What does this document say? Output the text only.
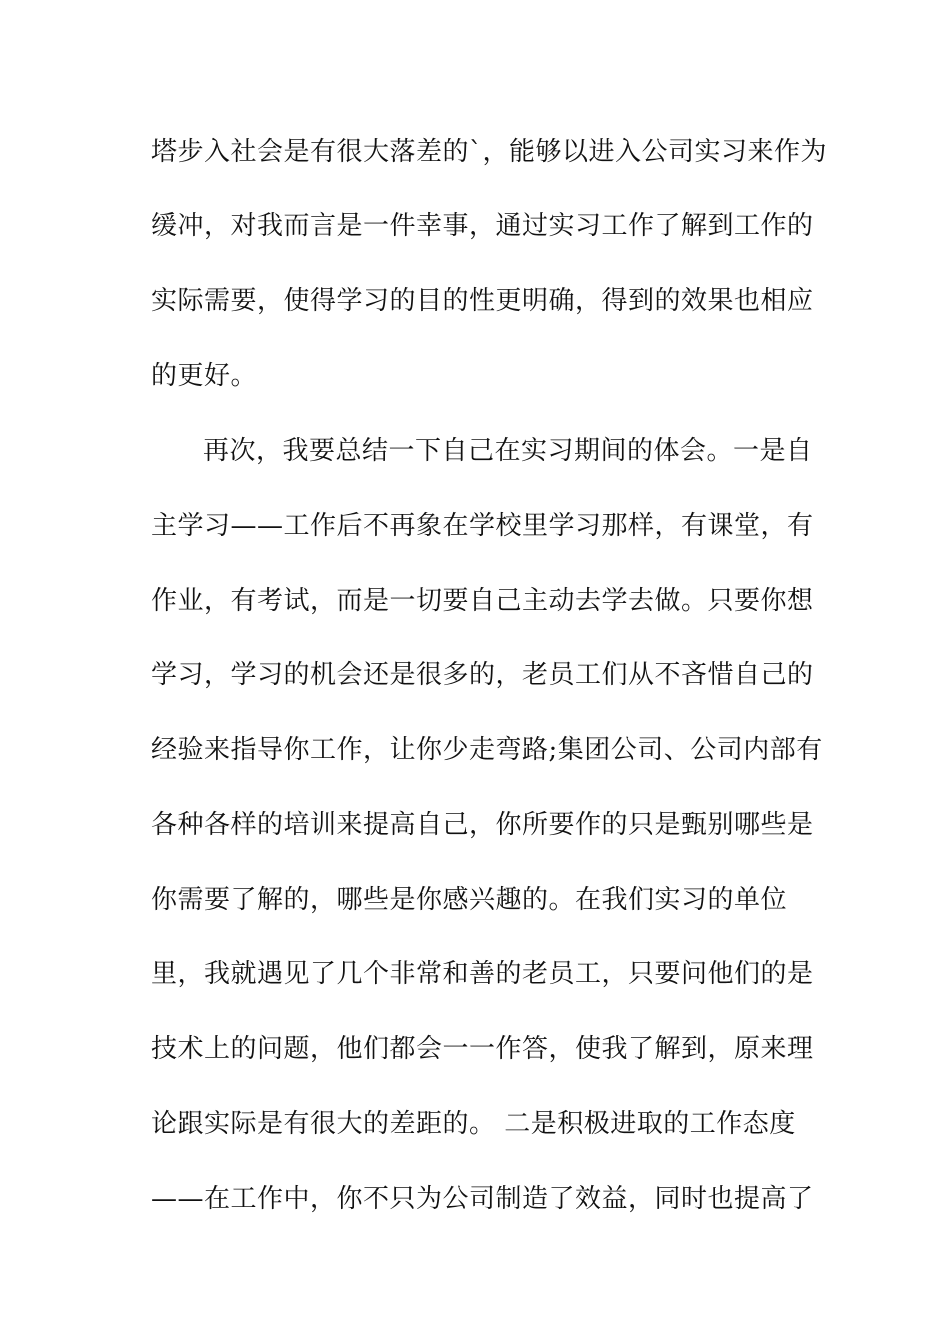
塔步入社会是有很大落差的`，能够以进入公司实习来作为
缓冲，对我而言是一件幸事，通过实习工作了解到工作的
实际需要，使得学习的目的性更明确，得到的效果也相应
的更好。
再次，我要总结一下自己在实习期间的体会。一是自
主学习——工作后不再象在学校里学习那样，有课堂，有
作业，有考试，而是一切要自己主动去学去做。只要你想
学习，学习的机会还是很多的，老员工们从不吝惜自己的
经验来指导你工作，让你少走弯路;集团公司、公司内部有
各种各样的培训来提高自己，你所要作的只是甄别哪些是
你需要了解的，哪些是你感兴趣的。在我们实习的单位
里，我就遇见了几个非常和善的老员工，只要问他们的是
技术上的问题，他们都会一一作答，使我了解到，原来理
论跟实际是有很大的差距的。 二是积极进取的工作态度
——在工作中，你不只为公司制造了效益，同时也提高了
